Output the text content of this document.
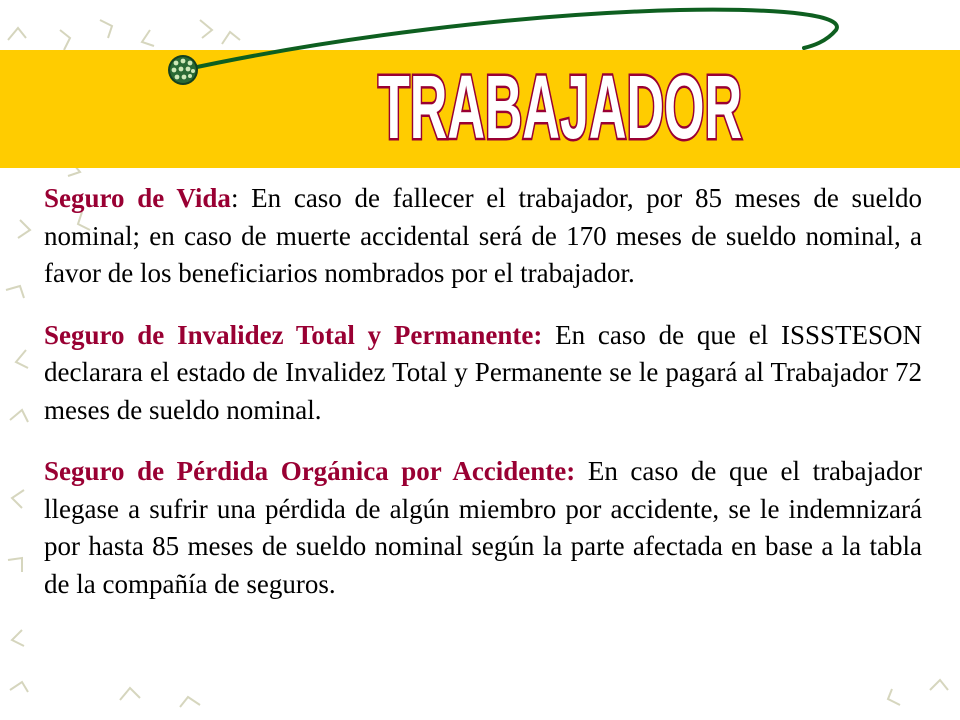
TRABAJADOR

Seguro de Vida: En caso de fallecer el trabajador, por 85 meses de sueldo nominal; en caso de muerte accidental será de 170 meses de sueldo nominal, a favor de los beneficiarios nombrados por el trabajador.

Seguro de Invalidez Total y Permanente: En caso de que el ISSSTESON declarara el estado de Invalidez Total y Permanente se le pagará al Trabajador 72 meses de sueldo nominal.

Seguro de Pérdida Orgánica por Accidente: En caso de que el trabajador llegase a sufrir una pérdida de algún miembro por accidente, se le indemnizará por hasta 85 meses de sueldo nominal según la parte afectada en base a la tabla de la compañía de seguros.
